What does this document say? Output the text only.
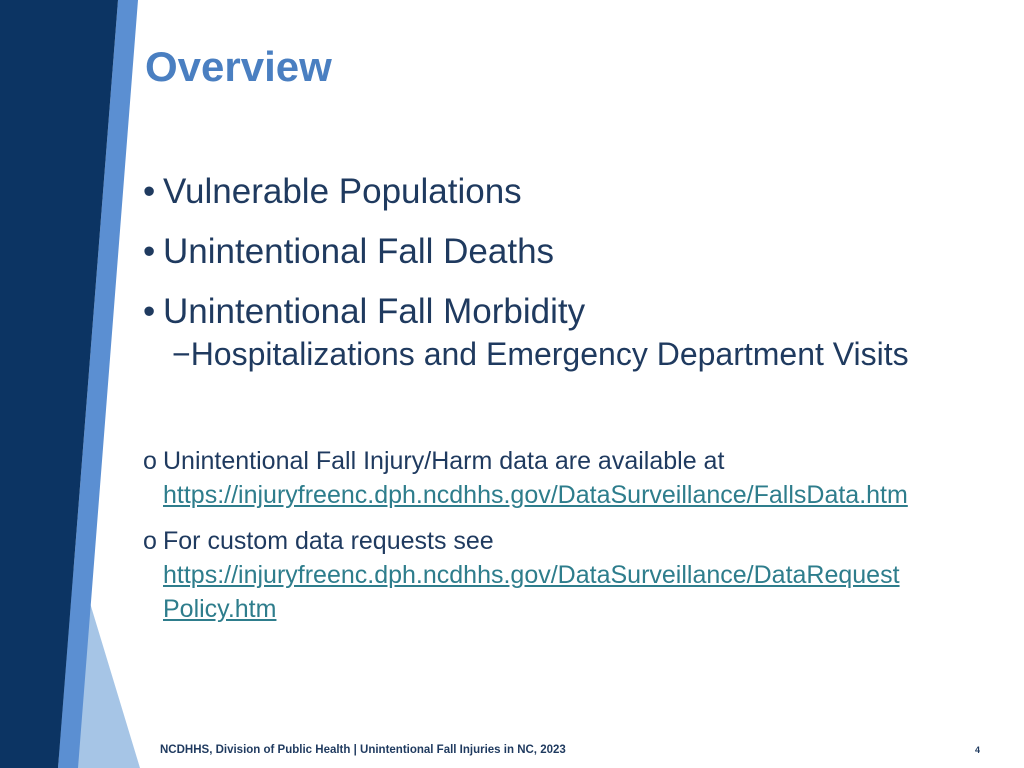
Overview
• Vulnerable Populations
• Unintentional Fall Deaths
• Unintentional Fall Morbidity
−Hospitalizations and Emergency Department Visits
o Unintentional Fall Injury/Harm data are available at
https://injuryfreenc.dph.ncdhhs.gov/DataSurveillance/FallsData.htm
o For custom data requests see
https://injuryfreenc.dph.ncdhhs.gov/DataSurveillance/DataRequest
Policy.htm
NCDHHS, Division of Public Health | Unintentional Fall Injuries in NC, 2023	4
